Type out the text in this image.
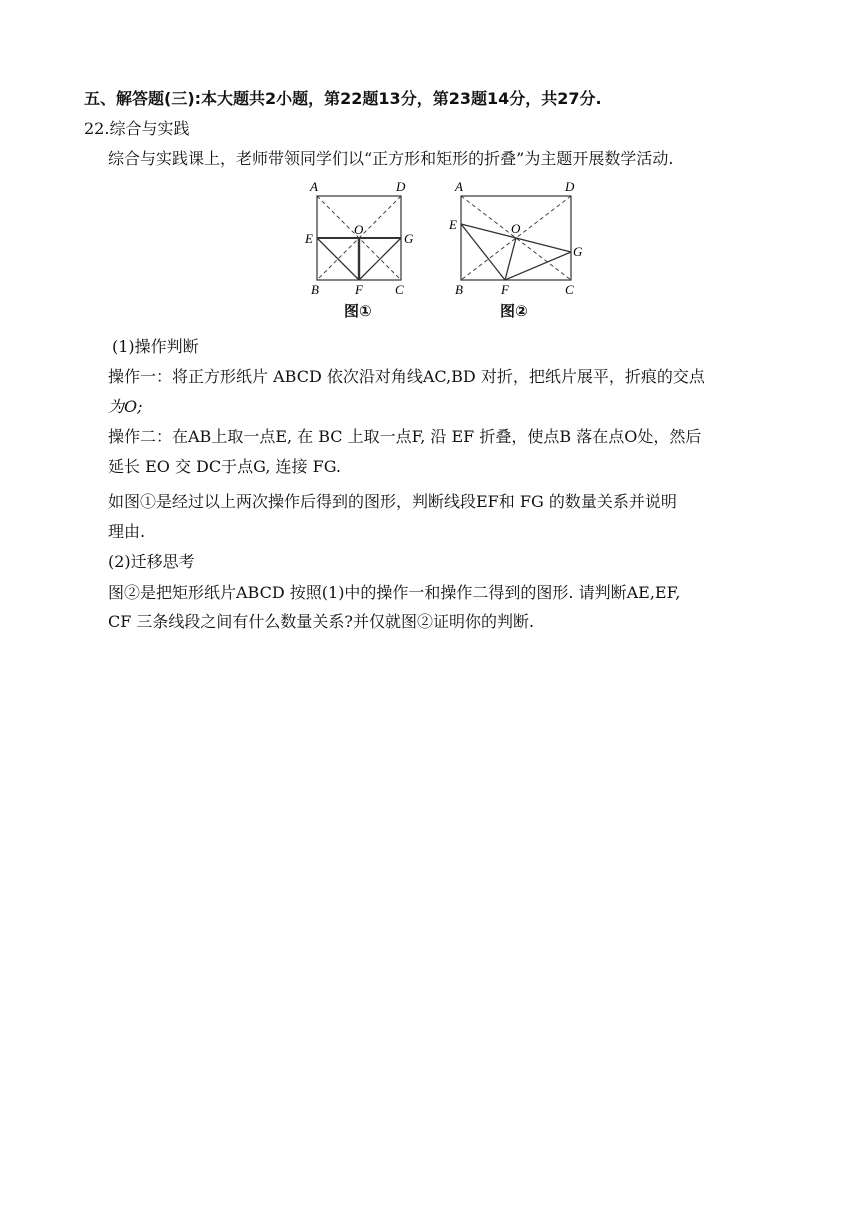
五、解答题(三):本大题共2小题，第22题13分，第23题14分，共27分.
22.综合与实践
综合与实践课上，老师带领同学们以“正方形和矩形的折叠”为主题开展数学活动.
A	D
E
O
G
B	F C
图①
A	D
E	O
G
B	F	C
图②
(1)操作判断
操作一：将正方形纸片 ABCD 依次沿对角线AC,BD 对折，把纸片展平，折痕的交点
为O;
操作二：在AB上取一点E, 在 BC 上取一点F, 沿 EF 折叠，使点B 落在点O处，然后
延长 EO 交 DC于点G, 连接 FG.
如图①是经过以上两次操作后得到的图形，判断线段EF和 FG 的数量关系并说明
理由.
(2)迁移思考
图②是把矩形纸片ABCD 按照(1)中的操作一和操作二得到的图形. 请判断AE,EF,
CF 三条线段之间有什么数量关系?并仅就图②证明你的判断.
